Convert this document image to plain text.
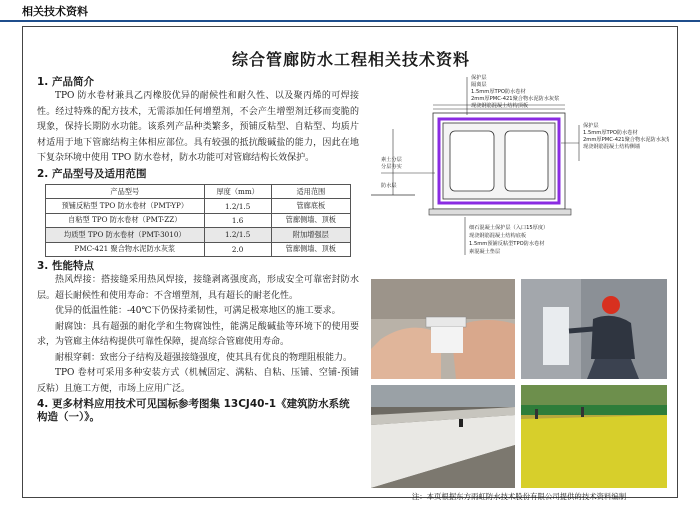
相关技术资料
综合管廊防水工程相关技术资料

1. 产品简介

TPO 防水卷材兼具乙丙橡胶优异的耐候性和耐久性、以及聚丙烯的可焊接性。经过特殊的配方技术，无需添加任何增塑剂，不会产生增塑剂迁移而变脆的现象，保持长期防水功能。该系列产品种类繁多，预铺反粘型、自粘型、均质片材适用于地下管廊结构主体相应部位。具有较强的抵抗酸碱盐的能力，因此在地下复杂环境中使用 TPO 防水卷材，防水功能可对管廊结构长效保护。

2. 产品型号及适用范围

产品型号	厚度（mm）	适用范围
预铺反粘型 TPO 防水卷材（PMT-YP）	1.2/1.5	管廊底板
自粘型 TPO 防水卷材（PMT-ZZ）	1.6	管廊侧墙、顶板
均质型 TPO 防水卷材（PMT-3010）	1.2/1.5	附加增强层
PMC-421 聚合物水泥防水灰浆	2.0	管廊侧墙、顶板

3. 性能特点

热风焊接：搭接缝采用热风焊接，接缝剥离强度高，形成安全可靠密封防水层。超长耐候性和使用寿命：不含增塑剂，具有超长的耐老化性。

优异的低温性能：-40℃下仍保持柔韧性，可满足极寒地区的施工要求。

耐腐蚀：具有超强的耐化学和生物腐蚀性，能满足酸碱盐等环境下的使用要求，为管廊主体结构提供可靠性保障，提高综合管廊使用寿命。

耐根穿刺：致密分子结构及超强接缝强度，使其具有优良的物理阻根能力。

TPO 卷材可采用多种安装方式（机械固定、满粘、自粘、压铺、空铺-预铺反粘）且施工方便，市场上应用广泛。

4. 更多材料应用技术可见国标参考图集 13CJ40-1《建筑防水系统构造（一）》。

保护层
隔离层
1.5mm厚TPO防水卷材
2mm厚PMC-421聚合物水泥防水灰浆
现浇钢筋混凝土结构顶板
保护层
1.5mm厚TPO防水卷材
2mm厚PMC-421聚合物水泥防水灰浆
现浇钢筋混凝土结构侧墙
素土分层
分层夯实
防水层
细石混凝土保护层（入口15厚度）
现浇钢筋混凝土结构底板
1.5mm预铺反粘型TPO防水卷材
素混凝土垫层
注：本页根据东方雨虹防水技术股份有限公司提供的技术资料编制
